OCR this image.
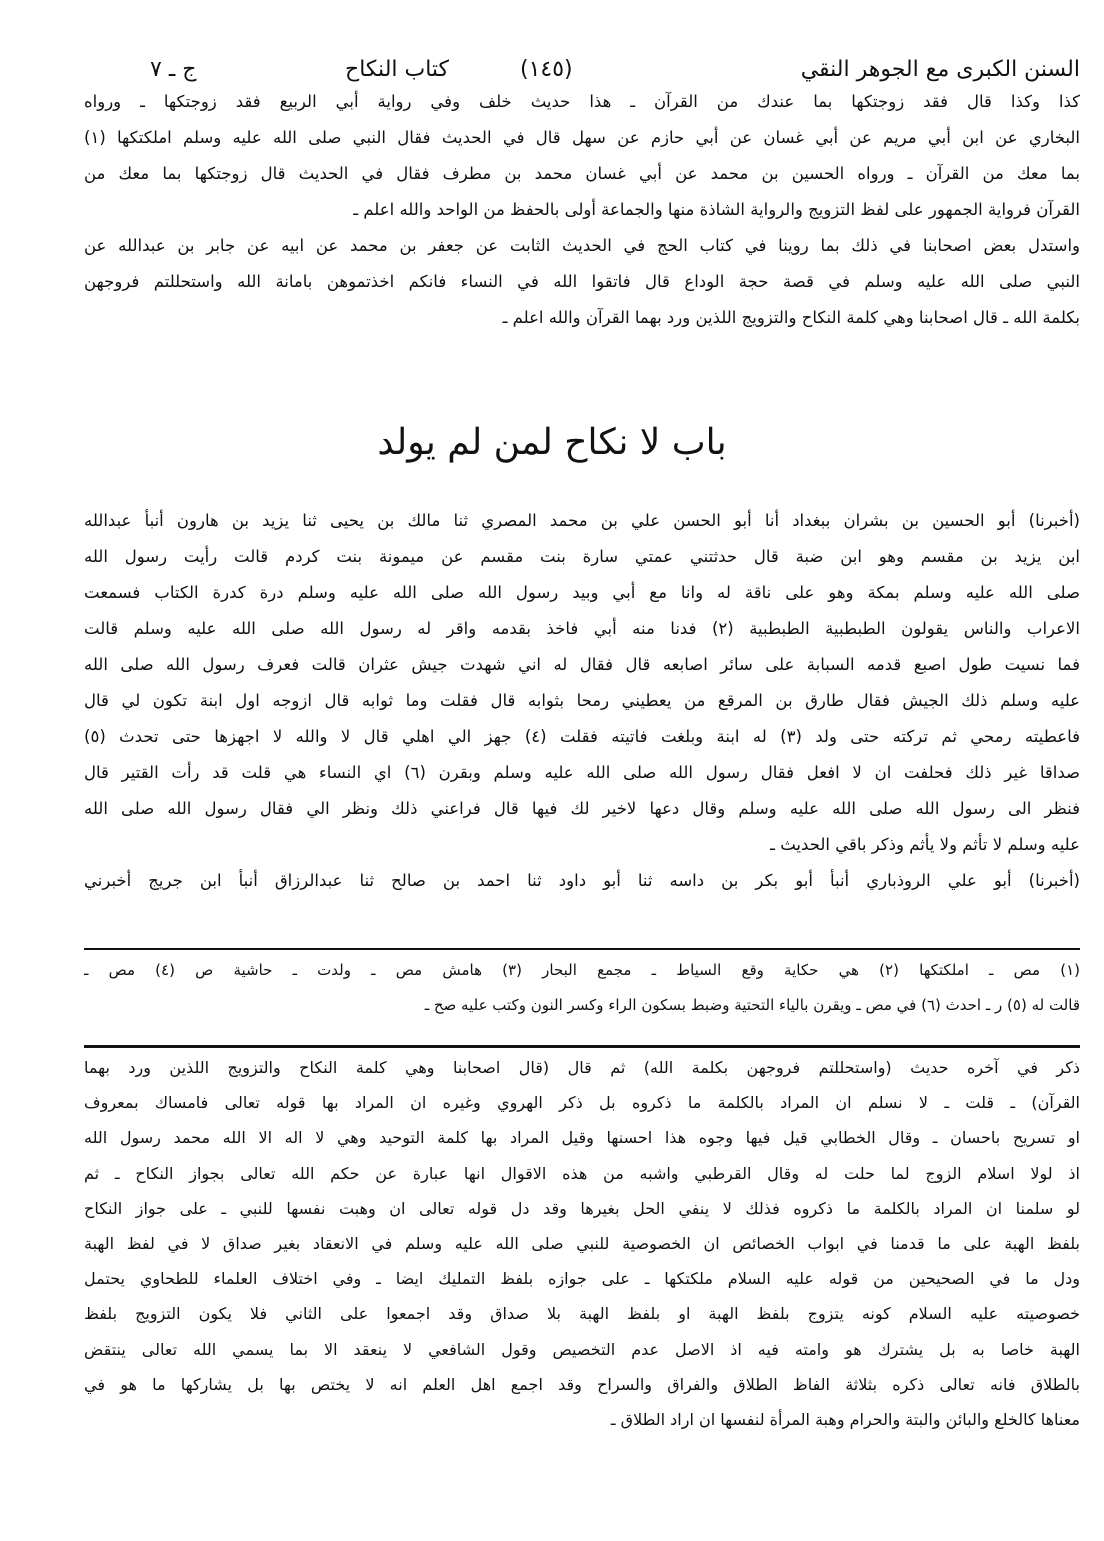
السنن الكبرى مع الجوهر النقي
(١٤٥)
كتاب النكاح
ج ـ ٧
كذا وكذا قال فقد زوجتكها بما عندك من القرآن ـ هذا حديث خلف وفي رواية أبي الربيع فقد زوجتكها ـ ورواه
البخاري عن ابن أبي مريم عن أبي غسان عن أبي حازم عن سهل قال في الحديث فقال النبي صلى الله عليه وسلم املكتكها (١)
بما معك من القرآن ـ ورواه الحسين بن محمد عن أبي غسان محمد بن مطرف فقال في الحديث قال زوجتكها بما معك من
القرآن فرواية الجمهور على لفظ التزويج والرواية الشاذة منها والجماعة أولى بالحفظ من الواحد والله اعلم ـ
واستدل بعض اصحابنا في ذلك بما روينا في كتاب الحج في الحديث الثابت عن جعفر بن محمد عن ابيه عن جابر بن عبدالله عن
النبي صلى الله عليه وسلم في قصة حجة الوداع قال فاتقوا الله في النساء فانكم اخذتموهن بامانة الله واستحللتم فروجهن
بكلمة الله ـ قال اصحابنا وهي كلمة النكاح والتزويج اللذين ورد بهما القرآن والله اعلم ـ
باب لا نكاح لمن لم يولد
(أخبرنا) أبو الحسين بن بشران ببغداد أنا أبو الحسن علي بن محمد المصري ثنا مالك بن يحيى ثنا يزيد بن هارون أنبأ عبدالله
ابن يزيد بن مقسم وهو ابن ضبة قال حدثتني عمتي سارة بنت مقسم عن ميمونة بنت كردم قالت رأيت رسول الله
صلى الله عليه وسلم بمكة وهو على ناقة له وانا مع أبي وبيد رسول الله صلى الله عليه وسلم درة كدرة الكتاب فسمعت
الاعراب والناس يقولون الطبطبية الطبطبية (٢) فدنا منه أبي فاخذ بقدمه واقر له رسول الله صلى الله عليه وسلم قالت
فما نسيت طول اصبع قدمه السبابة على سائر اصابعه قال فقال له اني شهدت جيش عثران قالت فعرف رسول الله صلى الله
عليه وسلم ذلك الجيش فقال طارق بن المرقع من يعطيني رمحا بثوابه قال فقلت وما ثوابه قال ازوجه اول ابنة تكون لي قال
فاعطيته رمحي ثم تركته حتى ولد (٣) له ابنة وبلغت فاتيته فقلت (٤) جهز الي اهلي قال لا والله لا اجهزها حتى تحدث (٥)
صداقا غير ذلك فحلفت ان لا افعل فقال رسول الله صلى الله عليه وسلم وبقرن (٦) اي النساء هي قلت قد رأت القتير قال
فنظر الى رسول الله صلى الله عليه وسلم وقال دعها لاخير لك فيها قال فراعني ذلك ونظر الي فقال رسول الله صلى الله
عليه وسلم لا تأثم ولا يأثم وذكر باقي الحديث ـ
(أخبرنا) أبو علي الروذباري أنبأ أبو بكر بن داسه ثنا أبو داود ثنا احمد بن صالح ثنا عبدالرزاق أنبأ ابن جريج أخبرني
(١) مص ـ املكتكها (٢) هي حكاية وقع السياط ـ مجمع البحار (٣) هامش مص ـ ولدت ـ حاشية ص (٤) مص ـ
قالت له (٥) ر ـ احدث (٦) في مص ـ ويقرن بالياء التحتية وضبط بسكون الراء وكسر النون وكتب عليه صح ـ
ذكر في آخره حديث (واستحللتم فروجهن بكلمة الله) ثم قال (قال اصحابنا وهي كلمة النكاح والتزويج اللذين ورد بهما
القرآن) ـ قلت ـ لا نسلم ان المراد بالكلمة ما ذكروه بل ذكر الهروي وغيره ان المراد بها قوله تعالى فامساك بمعروف
او تسريح باحسان ـ وقال الخطابي قيل فيها وجوه هذا احسنها وقيل المراد بها كلمة التوحيد وهي لا اله الا الله محمد رسول الله
اذ لولا اسلام الزوج لما حلت له وقال القرطبي واشبه من هذه الاقوال انها عبارة عن حكم الله تعالى بجواز النكاح ـ ثم
لو سلمنا ان المراد بالكلمة ما ذكروه فذلك لا ينفي الحل بغيرها وقد دل قوله تعالى ان وهبت نفسها للنبي ـ على جواز النكاح
بلفظ الهبة على ما قدمنا في ابواب الخصائص ان الخصوصية للنبي صلى الله عليه وسلم في الانعقاد بغير صداق لا في لفظ الهبة
ودل ما في الصحيحين من قوله عليه السلام ملكتكها ـ على جوازه بلفظ التمليك ايضا ـ وفي اختلاف العلماء للطحاوي يحتمل
خصوصيته عليه السلام كونه يتزوج بلفظ الهبة او بلفظ الهبة بلا صداق وقد اجمعوا على الثاني فلا يكون التزويج بلفظ
الهبة خاصا به بل يشترك هو وامته فيه اذ الاصل عدم التخصيص وقول الشافعي لا ينعقد الا بما يسمي الله تعالى ينتقض
بالطلاق فانه تعالى ذكره بثلاثة الفاظ الطلاق والفراق والسراح وقد اجمع اهل العلم انه لا يختص بها بل يشاركها ما هو في
معناها كالخلع والبائن والبتة والحرام وهبة المرأة لنفسها ان اراد الطلاق ـ
